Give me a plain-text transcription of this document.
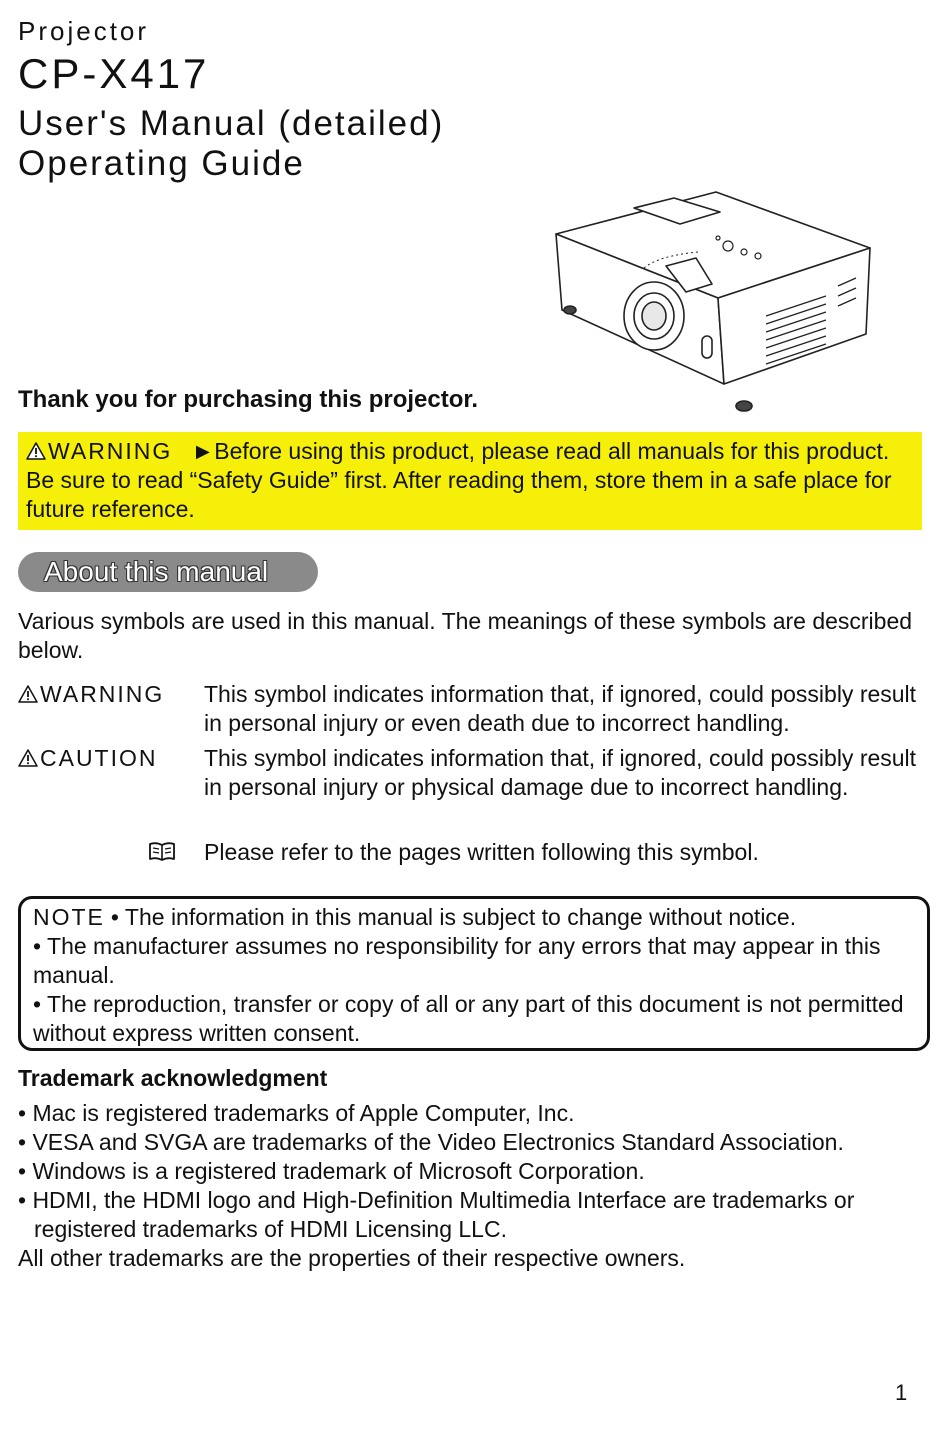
Projector
CP-X417
User's Manual (detailed)
Operating Guide
Thank you for purchasing this projector.
WARNING ►Before using this product, please read all manuals for this product. Be sure to read “Safety Guide” first. After reading them, store them in a safe place for future reference.
About this manual
Various symbols are used in this manual. The meanings of these symbols are described below.
WARNING This symbol indicates information that, if ignored, could possibly result in personal injury or even death due to incorrect handling.
CAUTION This symbol indicates information that, if ignored, could possibly result in personal injury or physical damage due to incorrect handling.
Please refer to the pages written following this symbol.
NOTE • The information in this manual is subject to change without notice.
• The manufacturer assumes no responsibility for any errors that may appear in this manual.
• The reproduction, transfer or copy of all or any part of this document is not permitted without express written consent.
Trademark acknowledgment
• Mac is registered trademarks of Apple Computer, Inc.
• VESA and SVGA are trademarks of the Video Electronics Standard Association.
• Windows is a registered trademark of Microsoft Corporation.
• HDMI, the HDMI logo and High-Definition Multimedia Interface are trademarks or registered trademarks of HDMI Licensing LLC.
All other trademarks are the properties of their respective owners.
1
